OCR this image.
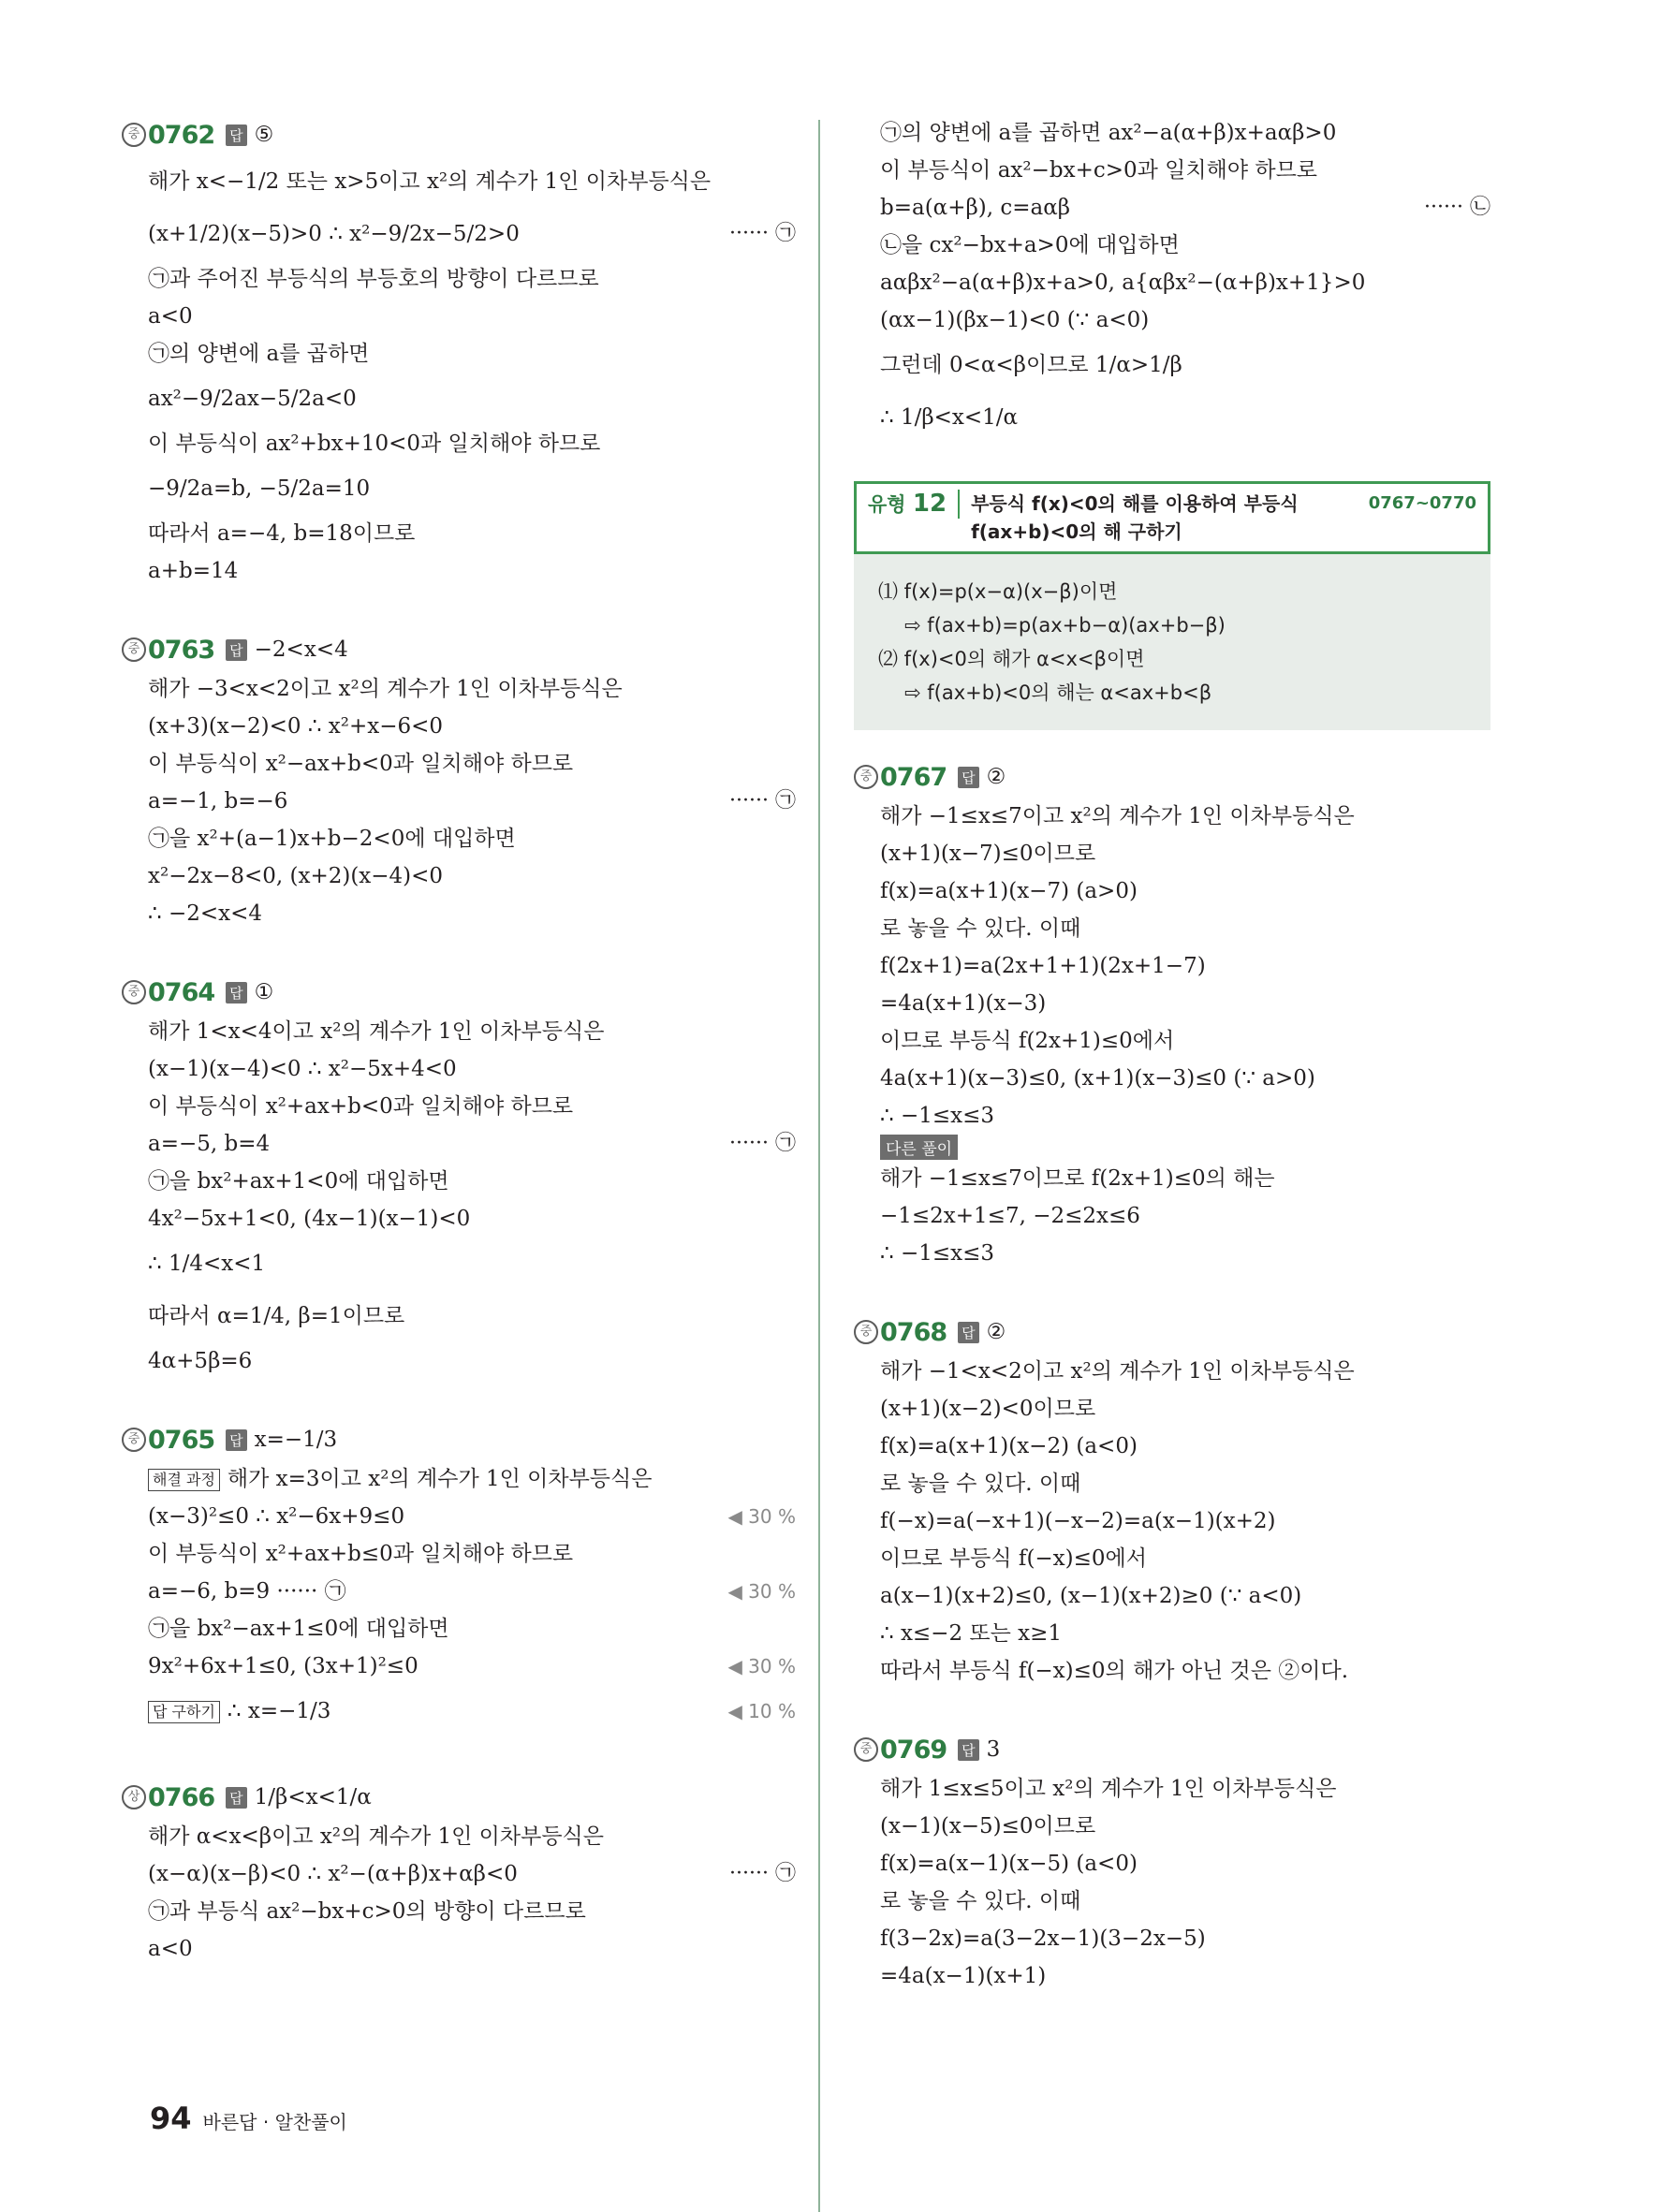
중 0762 답 ⑤
해가 x<−1/2 또는 x>5이고 x²의 계수가 1인 이차부등식은
(x+1/2)(x−5)>0 ∴ x²−9/2x−5/2>0	······ ㉠
㉠과 주어진 부등식의 부등호의 방향이 다르므로
a<0
㉠의 양변에 a를 곱하면
ax²−9/2ax−5/2a<0
이 부등식이 ax²+bx+10<0과 일치해야 하므로
−9/2a=b, −5/2a=10
따라서 a=−4, b=18이므로
a+b=14
중 0763 답 −2<x<4
해가 −3<x<2이고 x²의 계수가 1인 이차부등식은
(x+3)(x−2)<0 ∴ x²+x−6<0
이 부등식이 x²−ax+b<0과 일치해야 하므로
a=−1, b=−6	······ ㉠
㉠을 x²+(a−1)x+b−2<0에 대입하면
x²−2x−8<0, (x+2)(x−4)<0
∴ −2<x<4
중 0764 답 ①
해가 1<x<4이고 x²의 계수가 1인 이차부등식은
(x−1)(x−4)<0 ∴ x²−5x+4<0
이 부등식이 x²+ax+b<0과 일치해야 하므로
a=−5, b=4	······ ㉠
㉠을 bx²+ax+1<0에 대입하면
4x²−5x+1<0, (4x−1)(x−1)<0
∴ 1/4<x<1
따라서 α=1/4, β=1이므로
4α+5β=6
중 0765 답 x=−1/3
해결 과정 해가 x=3이고 x²의 계수가 1인 이차부등식은
(x−3)²≤0 ∴ x²−6x+9≤0	◀ 30 %
이 부등식이 x²+ax+b≤0과 일치해야 하므로
a=−6, b=9 ······ ㉠	◀ 30 %
㉠을 bx²−ax+1≤0에 대입하면
9x²+6x+1≤0, (3x+1)²≤0	◀ 30 %
답 구하기 ∴ x=−1/3	◀ 10 %
상 0766 답 1/β<x<1/α
해가 α<x<β이고 x²의 계수가 1인 이차부등식은
(x−α)(x−β)<0 ∴ x²−(α+β)x+αβ<0	······ ㉠
㉠과 부등식 ax²−bx+c>0의 방향이 다르므로
a<0
㉠의 양변에 a를 곱하면 ax²−a(α+β)x+aαβ>0
이 부등식이 ax²−bx+c>0과 일치해야 하므로
b=a(α+β), c=aαβ	······ ㉡
㉡을 cx²−bx+a>0에 대입하면
aαβx²−a(α+β)x+a>0, a{αβx²−(α+β)x+1}>0
(αx−1)(βx−1)<0 (∵ a<0)
그런데 0<α<β이므로 1/α>1/β
∴ 1/β<x<1/α
유형 12	부등식 f(x)<0의 해를 이용하여 부등식
f(ax+b)<0의 해 구하기
0767~0770
⑴ f(x)=p(x−α)(x−β)이면
⇨ f(ax+b)=p(ax+b−α)(ax+b−β)
⑵ f(x)<0의 해가 α<x<β이면
⇨ f(ax+b)<0의 해는 α<ax+b<β
중 0767 답 ②
해가 −1≤x≤7이고 x²의 계수가 1인 이차부등식은
(x+1)(x−7)≤0이므로
f(x)=a(x+1)(x−7) (a>0)
로 놓을 수 있다. 이때
f(2x+1)=a(2x+1+1)(2x+1−7)
=4a(x+1)(x−3)
이므로 부등식 f(2x+1)≤0에서
4a(x+1)(x−3)≤0, (x+1)(x−3)≤0 (∵ a>0)
∴ −1≤x≤3
다른 풀이
해가 −1≤x≤7이므로 f(2x+1)≤0의 해는
−1≤2x+1≤7, −2≤2x≤6
∴ −1≤x≤3
중 0768 답 ②
해가 −1<x<2이고 x²의 계수가 1인 이차부등식은
(x+1)(x−2)<0이므로
f(x)=a(x+1)(x−2) (a<0)
로 놓을 수 있다. 이때
f(−x)=a(−x+1)(−x−2)=a(x−1)(x+2)
이므로 부등식 f(−x)≤0에서
a(x−1)(x+2)≤0, (x−1)(x+2)≥0 (∵ a<0)
∴ x≤−2 또는 x≥1
따라서 부등식 f(−x)≤0의 해가 아닌 것은 ②이다.
중 0769 답 3
해가 1≤x≤5이고 x²의 계수가 1인 이차부등식은
(x−1)(x−5)≤0이므로
f(x)=a(x−1)(x−5) (a<0)
로 놓을 수 있다. 이때
f(3−2x)=a(3−2x−1)(3−2x−5)
=4a(x−1)(x+1)
94 바른답 · 알찬풀이
